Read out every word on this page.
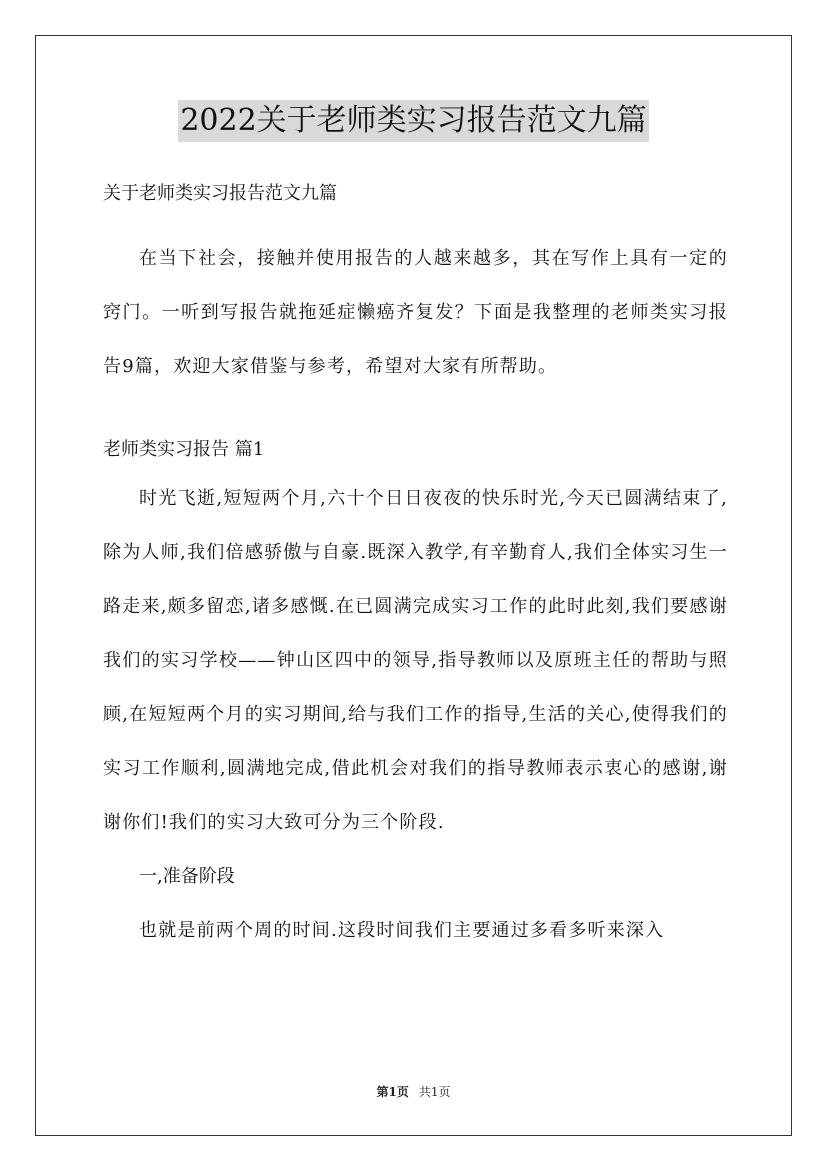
2022关于老师类实习报告范文九篇

关于老师类实习报告范文九篇

在当下社会，接触并使用报告的人越来越多，其在写作上具有一定的窍门。一听到写报告就拖延症懒癌齐复发？下面是我整理的老师类实习报告9篇，欢迎大家借鉴与参考，希望对大家有所帮助。

老师类实习报告 篇1

时光飞逝,短短两个月,六十个日日夜夜的快乐时光,今天已圆满结束了,除为人师,我们倍感骄傲与自豪.既深入教学,有辛勤育人,我们全体实习生一路走来,颇多留恋,诸多感慨.在已圆满完成实习工作的此时此刻,我们要感谢我们的实习学校——钟山区四中的领导,指导教师以及原班主任的帮助与照顾,在短短两个月的实习期间,给与我们工作的指导,生活的关心,使得我们的实习工作顺利,圆满地完成,借此机会对我们的指导教师表示衷心的感谢,谢谢你们!我们的实习大致可分为三个阶段.

一,准备阶段

也就是前两个周的时间.这段时间我们主要通过多看多听来深入

第1页 共1页
